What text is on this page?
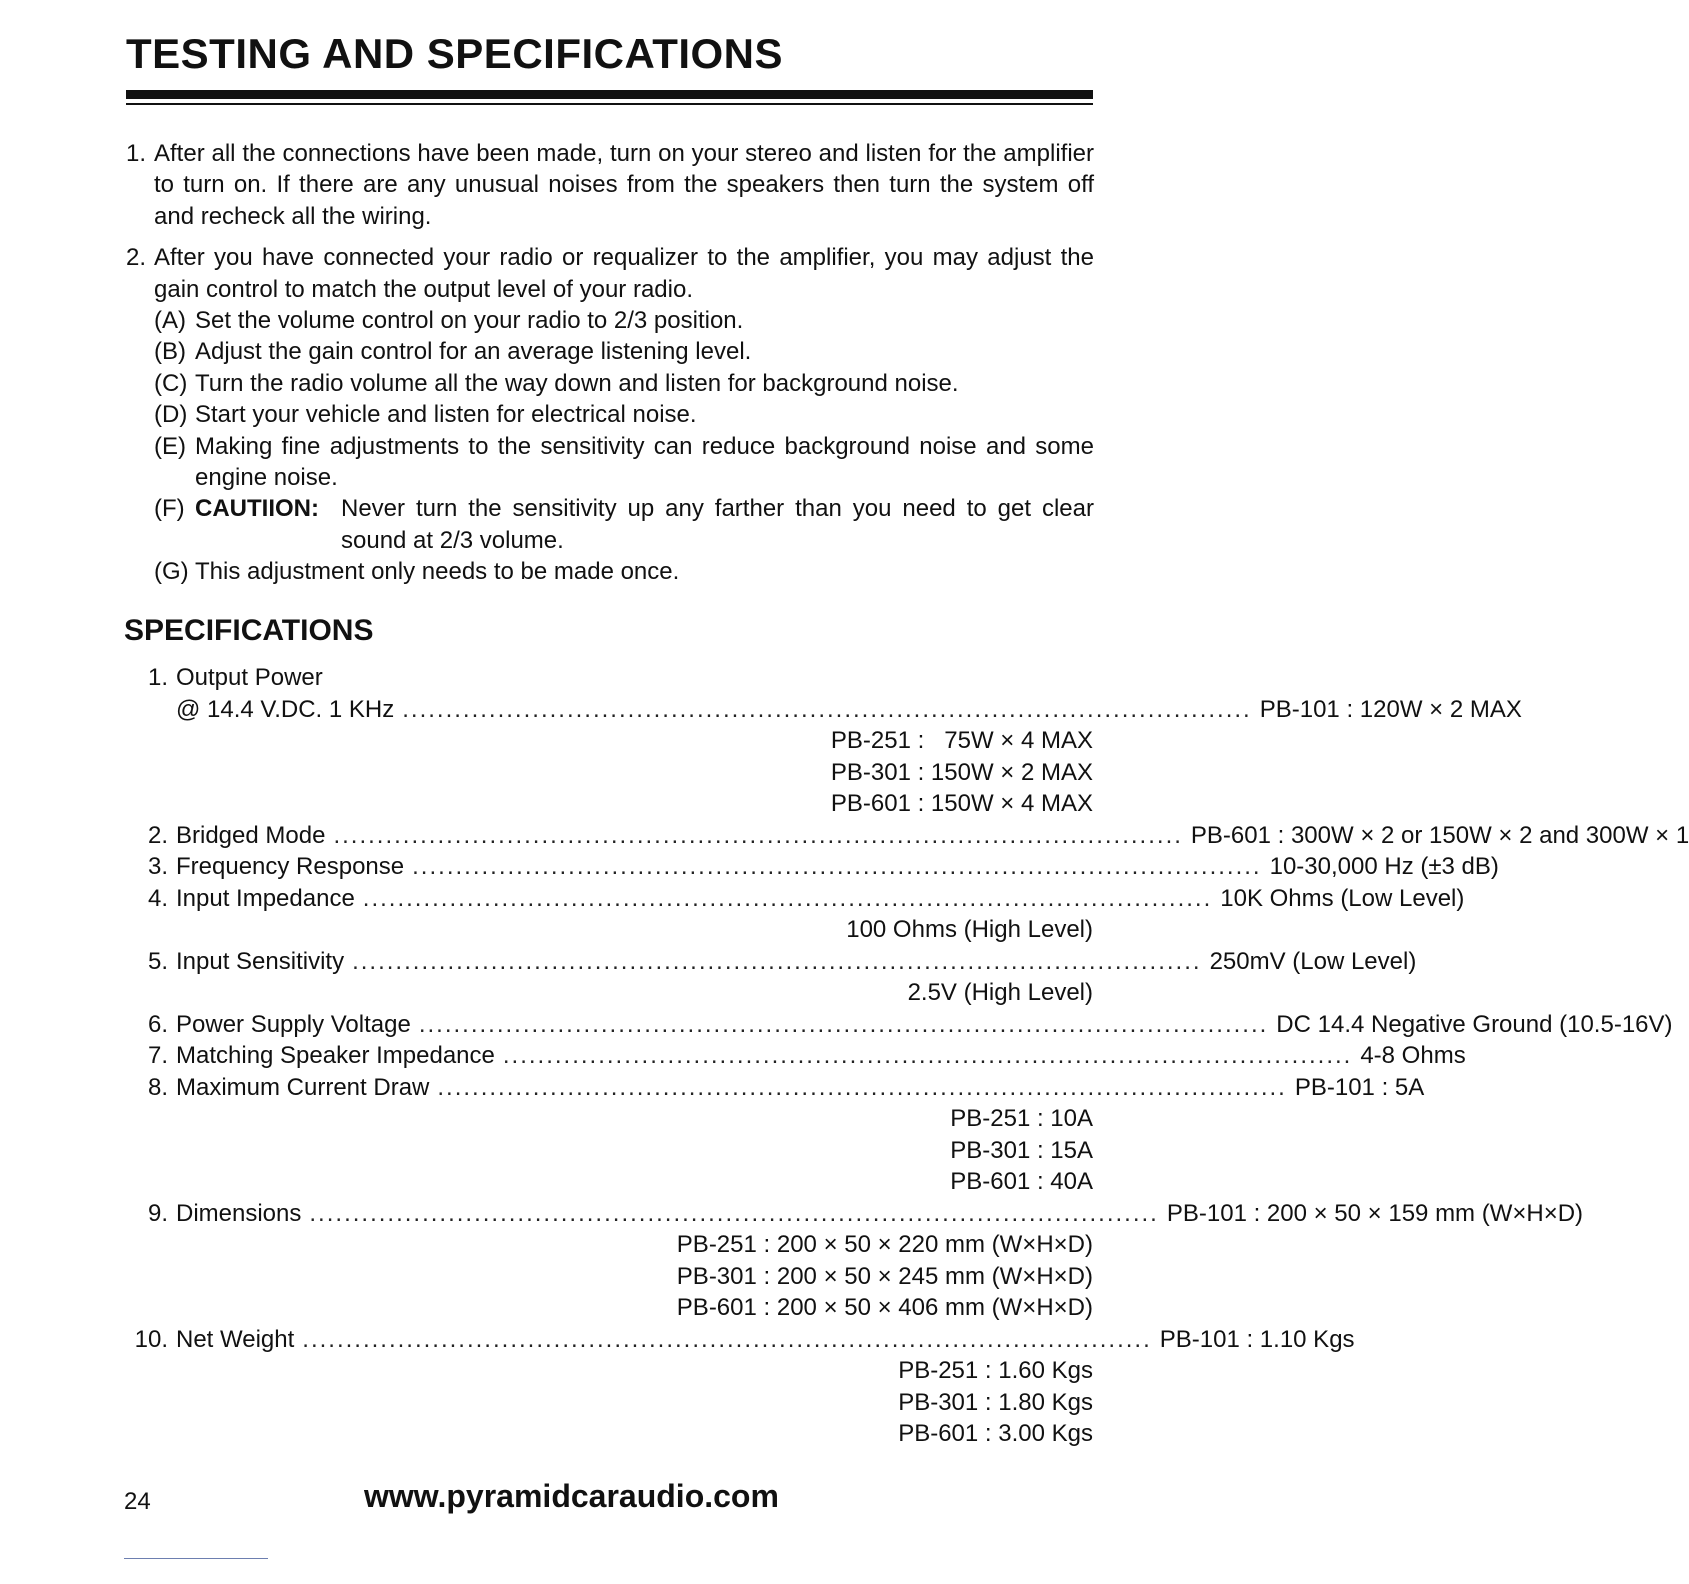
TESTING AND SPECIFICATIONS
1. After all the connections have been made, turn on your stereo and listen for the amplifier to turn on. If there are any unusual noises from the speakers then turn the system off and recheck all the wiring.
2. After you have connected your radio or requalizer to the amplifier, you may adjust the gain control to match the output level of your radio.
(A) Set the volume control on your radio to 2/3 position.
(B) Adjust the gain control for an average listening level.
(C) Turn the radio volume all the way down and listen for background noise.
(D) Start your vehicle and listen for electrical noise.
(E) Making fine adjustments to the sensitivity can reduce background noise and some engine noise.
(F) CAUTIION: Never turn the sensitivity up any farther than you need to get clear sound at 2/3 volume.
(G) This adjustment only needs to be made once.
SPECIFICATIONS
1. Output Power
@ 14.4 V.DC. 1 KHz .................................................................................................. PB-101 : 120W × 2 MAX
PB-251 :   75W × 4 MAX
PB-301 : 150W × 2 MAX
PB-601 : 150W × 4 MAX
2. Bridged Mode .................................................................................................. PB-601 : 300W × 2 or 150W × 2 and 300W × 1
3. Frequency Response .................................................................................................. 10-30,000 Hz (±3 dB)
4. Input Impedance .................................................................................................. 10K Ohms (Low Level)
100 Ohms (High Level)
5. Input Sensitivity .................................................................................................. 250mV (Low Level)
2.5V (High Level)
6. Power Supply Voltage .................................................................................................. DC 14.4 Negative Ground (10.5-16V)
7. Matching Speaker Impedance .................................................................................................. 4-8 Ohms
8. Maximum Current Draw .................................................................................................. PB-101 : 5A
PB-251 : 10A
PB-301 : 15A
PB-601 : 40A
9. Dimensions .................................................................................................. PB-101 : 200 × 50 × 159 mm (W×H×D)
PB-251 : 200 × 50 × 220 mm (W×H×D)
PB-301 : 200 × 50 × 245 mm (W×H×D)
PB-601 : 200 × 50 × 406 mm (W×H×D)
10. Net Weight .................................................................................................. PB-101 : 1.10 Kgs
PB-251 : 1.60 Kgs
PB-301 : 1.80 Kgs
PB-601 : 3.00 Kgs
24	www.pyramidcaraudio.com
